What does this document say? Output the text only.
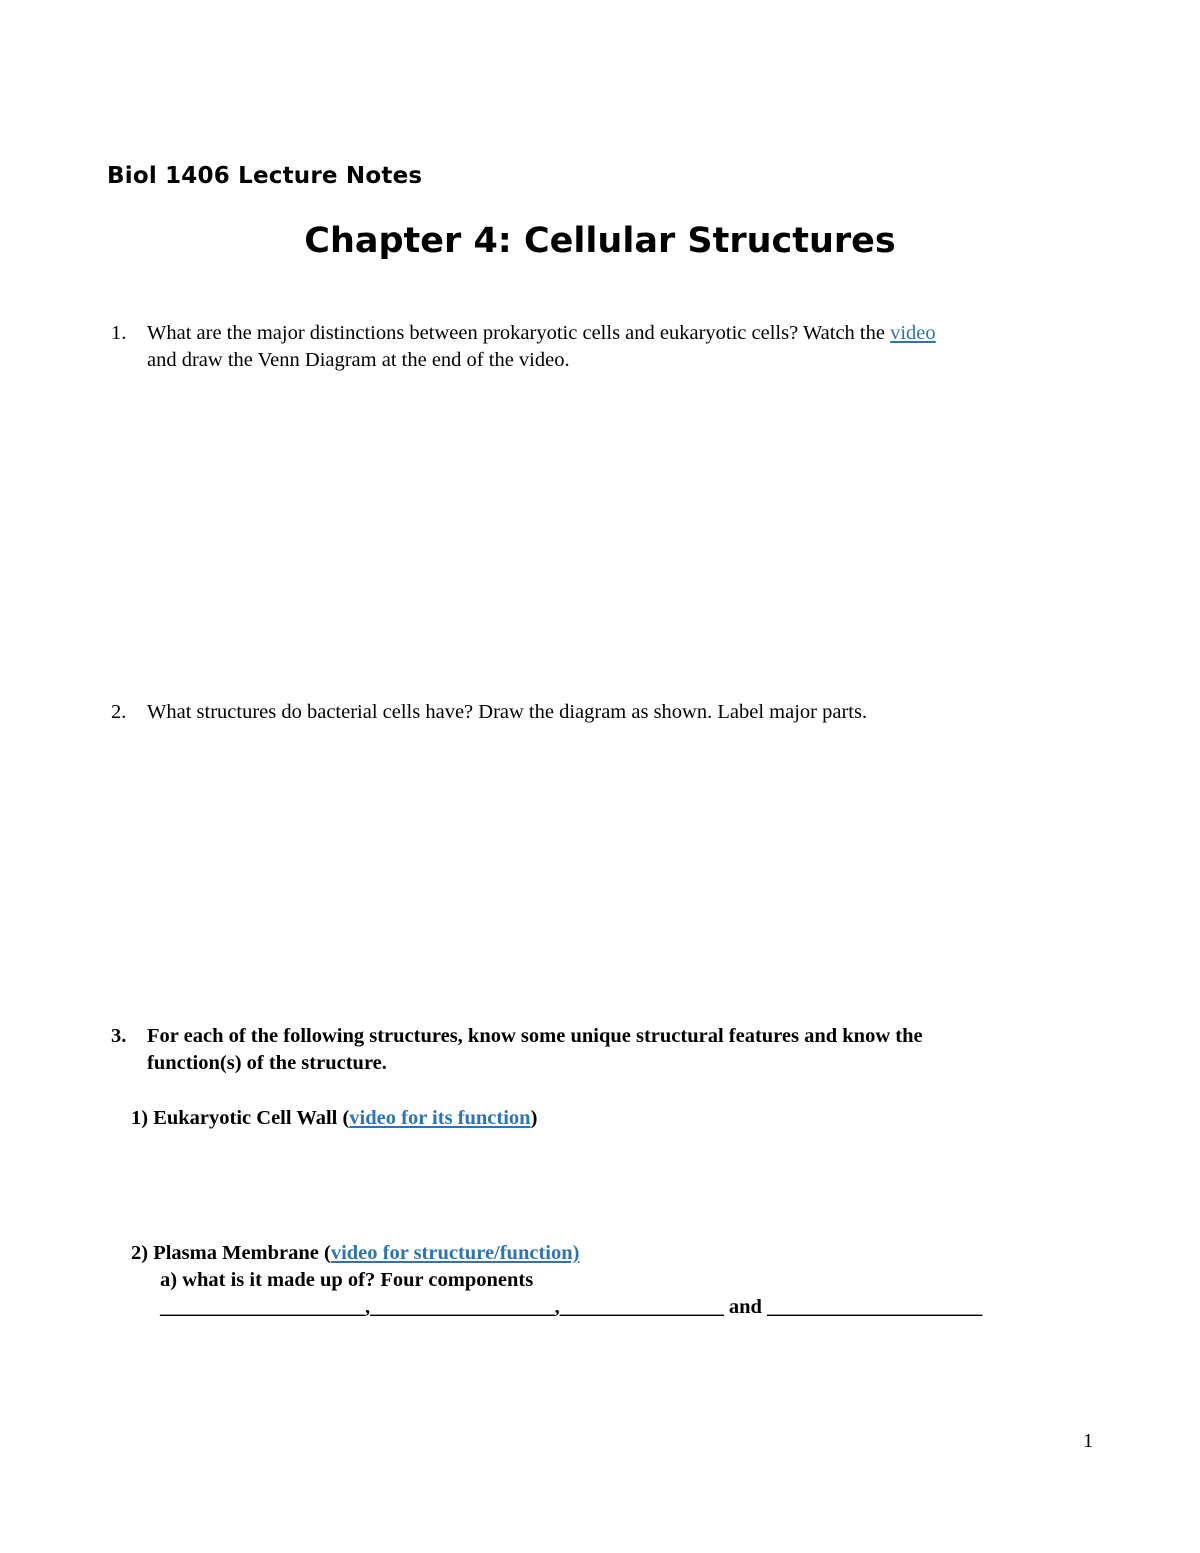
Biol 1406 Lecture Notes
Chapter 4: Cellular Structures
1. What are the major distinctions between prokaryotic cells and eukaryotic cells? Watch the video
and draw the Venn Diagram at the end of the video.
2. What structures do bacterial cells have? Draw the diagram as shown. Label major parts.
3. For each of the following structures, know some unique structural features and know the
function(s) of the structure.
1) Eukaryotic Cell Wall (video for its function)
2) Plasma Membrane (video for structure/function)
a) what is it made up of? Four components
____________________,__________________,________________ and _____________________
1
